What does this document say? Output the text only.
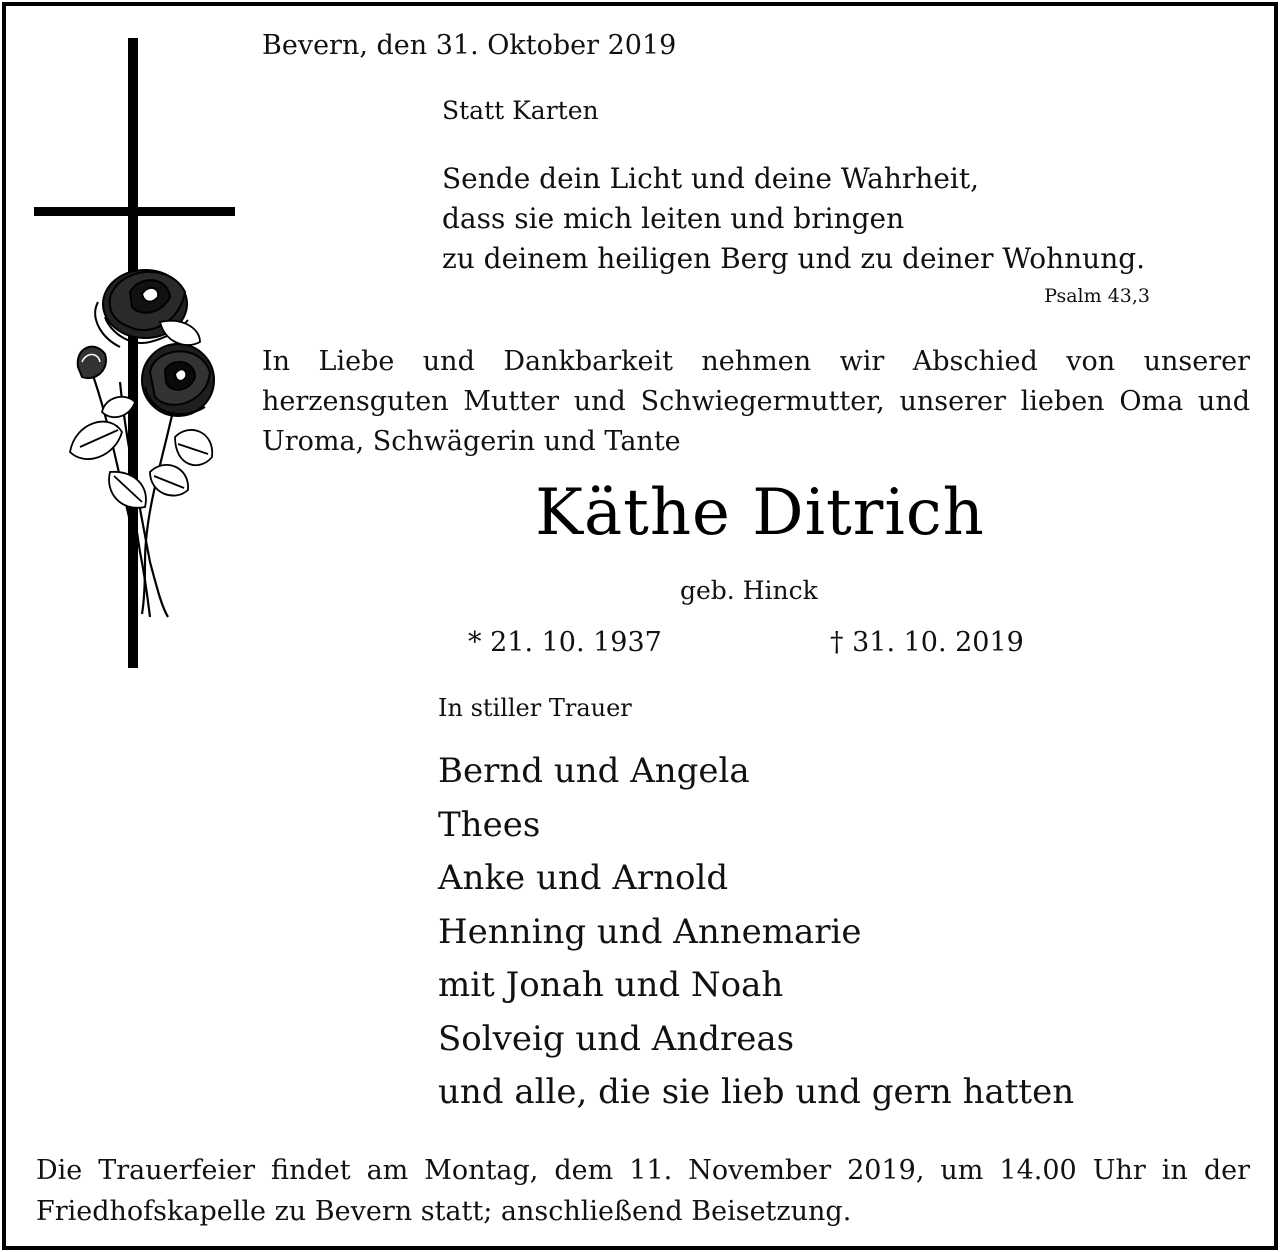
Bevern, den 31. Oktober 2019
Statt Karten
Sende dein Licht und deine Wahrheit,
dass sie mich leiten und bringen
zu deinem heiligen Berg und zu deiner Wohnung.
Psalm 43,3
In Liebe und Dankbarkeit nehmen wir Abschied von unserer
herzensguten Mutter und Schwiegermutter, unserer lieben Oma und
Uroma, Schwägerin und Tante
Käthe Ditrich
geb. Hinck
* 21. 10. 1937	† 31. 10. 2019
In stiller Trauer
Bernd und Angela
Thees
Anke und Arnold
Henning und Annemarie
mit Jonah und Noah
Solveig und Andreas
und alle, die sie lieb und gern hatten
Die Trauerfeier findet am Montag, dem 11. November 2019, um 14.00 Uhr in der
Friedhofskapelle zu Bevern statt; anschließend Beisetzung.
